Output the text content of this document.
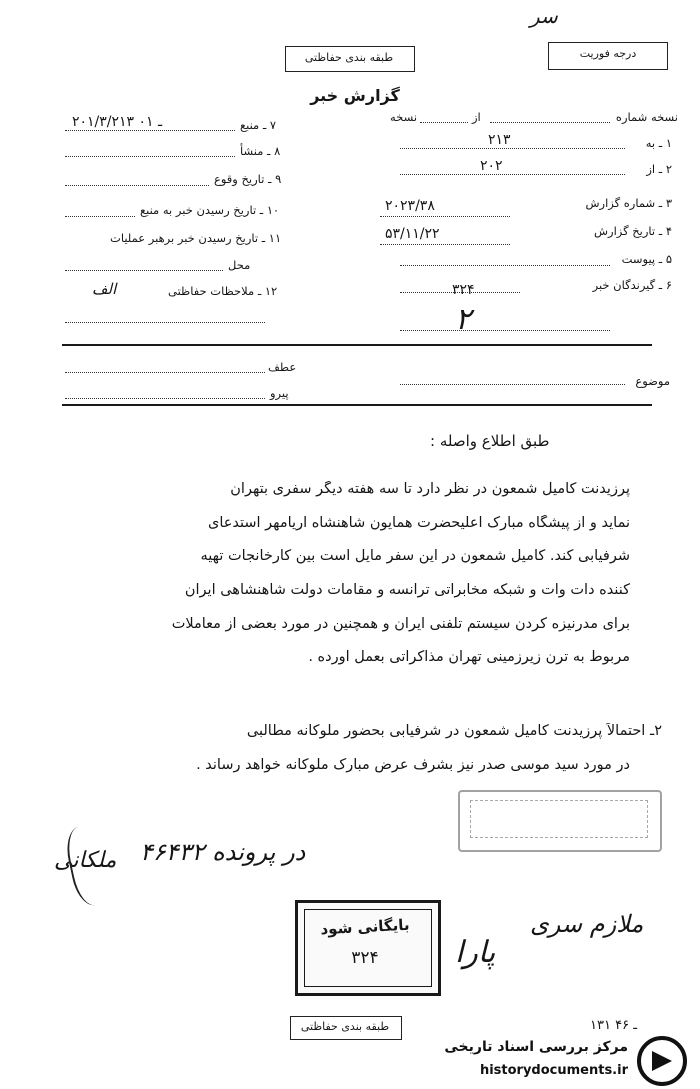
سر
درجه فوریت
طبقه بندی حفاظتی
گزارش خبر
نسخه شماره
از
نسخه
۱ ـ به
۲۱۳
۲ ـ از
۲۰۲
۳ ـ شماره گزارش
۲۰۲۳/۳۸
۴ ـ تاریخ گزارش
۵۳/۱۱/۲۲
۵ ـ پیوست
۶ ـ گیرندگان خبر
۳۲۴
۲
۷ ـ منبع
۲۰۱/۳/۲۱۳ ـ ۰۱
۸ ـ منشأ
۹ ـ تاریخ وقوع
۱۰ ـ تاریخ رسیدن خبر به منبع
۱۱ ـ تاریخ رسیدن خبر برهبر عملیات
محل
۱۲ ـ ملاحظات حفاظتی
الف
عطف
موضوع
پیرو
طبق اطلاع واصله :
پرزیدنت کامیل شمعون در نظر دارد تا سه هفته دیگر سفری بتهران
نماید و از پیشگاه مبارک اعلیحضرت همایون شاهنشاه آریامهر استدعای
شرفیابی کند. کامیل شمعون در این سفر مایل است بین کارخانجات تهیه
کننده دات وات و شبکه مخابراتی ترانسه و مقامات دولت شاهنشاهی ایران
برای مدرنیزه کردن سیستم تلفنی ایران و همچنین در مورد بعضی از معاملات
مربوط به ترن زیرزمینی تهران مذاکراتی بعمل آورده .
۲ـ احتمالاً پرزیدنت کامیل شمعون در شرفیابی بحضور ملوکانه مطالبی
در مورد سید موسی صدر نیز بشرف عرض مبارک ملوکانه خواهد رساند .
در پرونده ۴۶۴۳۲
ملکانی
بایگانی شود
۳۲۴
ملازم سری
پارا
طبقه بندی حفاظتی	۱۳۱ ـ ۴۶
مرکز بررسی اسناد تاریخی
historydocuments.ir
